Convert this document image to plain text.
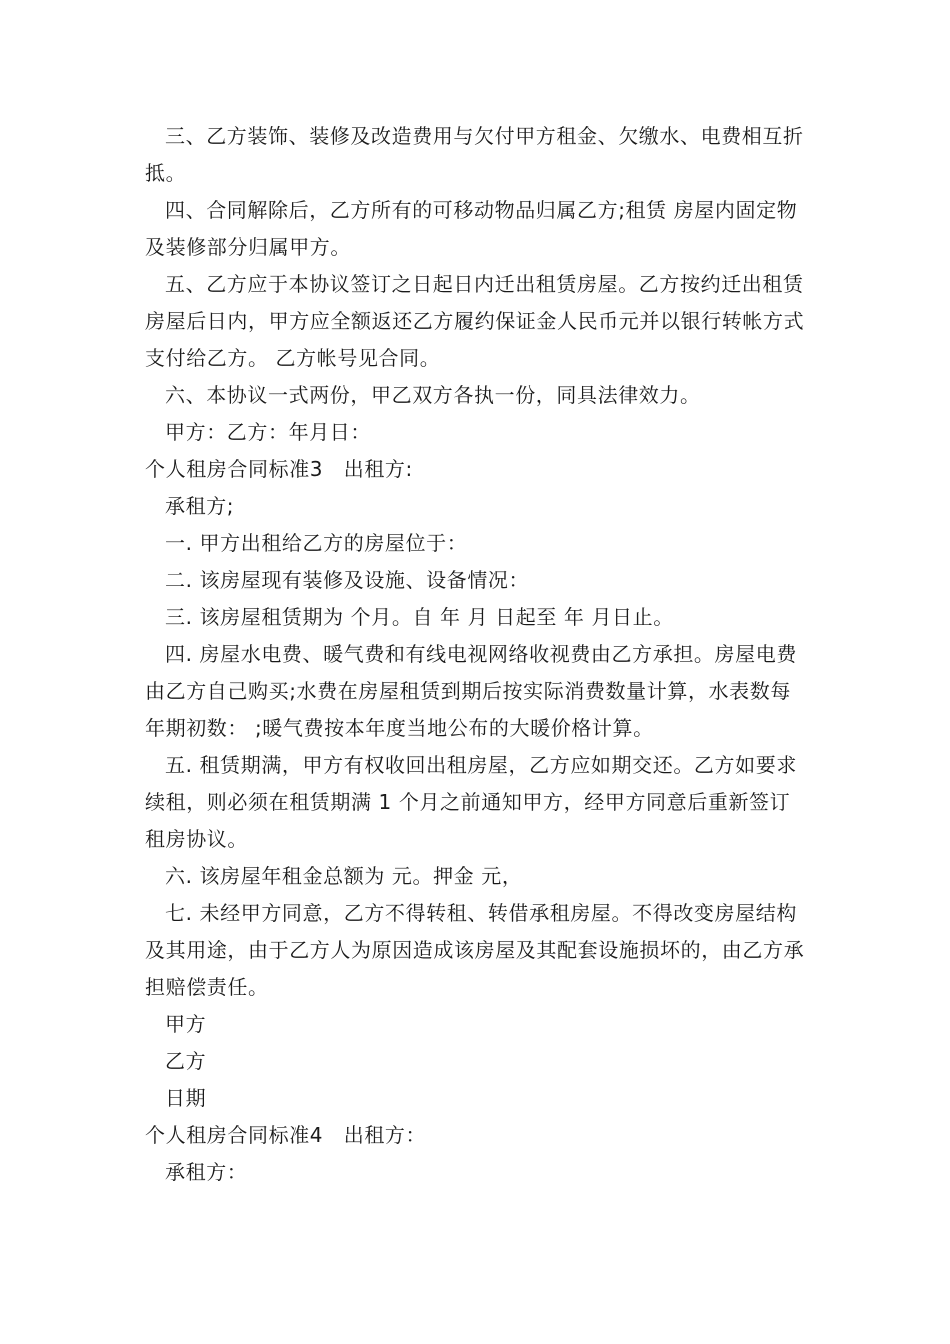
三、乙方装饰、装修及改造费用与欠付甲方租金、欠缴水、电费相互折抵。

四、合同解除后，乙方所有的可移动物品归属乙方;租赁 房屋内固定物及装修部分归属甲方。

五、乙方应于本协议签订之日起日内迁出租赁房屋。乙方按约迁出租赁房屋后日内，甲方应全额返还乙方履约保证金人民币元并以银行转帐方式支付给乙方。 乙方帐号见合同。

六、本协议一式两份，甲乙双方各执一份，同具法律效力。

甲方：乙方：年月日：

个人租房合同标准3　出租方:

承租方;

一. 甲方出租给乙方的房屋位于：

二. 该房屋现有装修及设施、设备情况：

三. 该房屋租赁期为 个月。自 年 月 日起至 年 月日止。

四. 房屋水电费、暖气费和有线电视网络收视费由乙方承担。房屋电费由乙方自己购买;水费在房屋租赁到期后按实际消费数量计算，水表数每年期初数： ;暖气费按本年度当地公布的大暖价格计算。

五. 租赁期满，甲方有权收回出租房屋，乙方应如期交还。乙方如要求续租，则必须在租赁期满 1 个月之前通知甲方，经甲方同意后重新签订租房协议。

六. 该房屋年租金总额为 元。押金 元，

七. 未经甲方同意，乙方不得转租、转借承租房屋。不得改变房屋结构及其用途，由于乙方人为原因造成该房屋及其配套设施损坏的，由乙方承担赔偿责任。

甲方

乙方

日期

个人租房合同标准4　出租方：

承租方：
